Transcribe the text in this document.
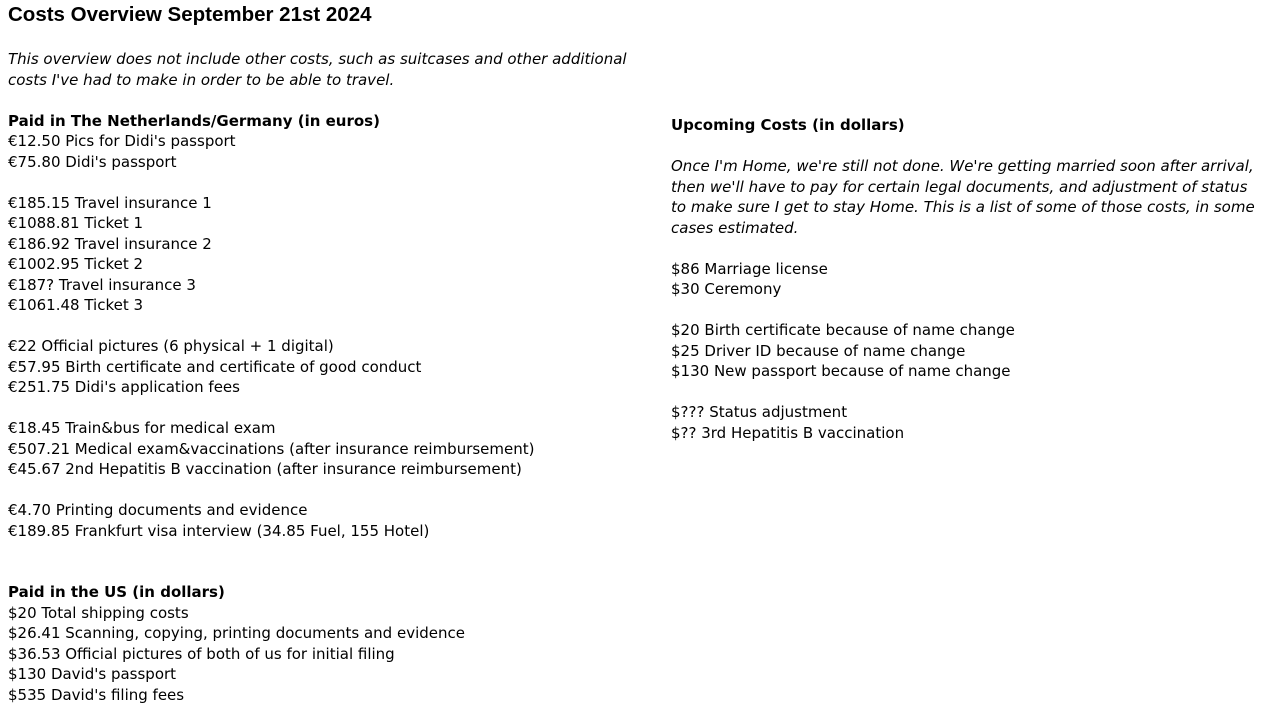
Costs Overview September 21st 2024

This overview does not include other costs, such as suitcases and other additional costs I've had to make in order to be able to travel.

Paid in The Netherlands/Germany (in euros)

€12.50 Pics for Didi's passport
€75.80 Didi's passport
€185.15 Travel insurance 1
€1088.81 Ticket 1
€186.92 Travel insurance 2
€1002.95 Ticket 2
€187? Travel insurance 3
€1061.48 Ticket 3
€22 Official pictures (6 physical + 1 digital)
€57.95 Birth certificate and certificate of good conduct
€251.75 Didi's application fees
€18.45 Train&bus for medical exam
€507.21 Medical exam&vaccinations (after insurance reimbursement)
€45.67 2nd Hepatitis B vaccination (after insurance reimbursement)
€4.70 Printing documents and evidence
€189.85 Frankfurt visa interview (34.85 Fuel, 155 Hotel)

Paid in the US (in dollars)

$20 Total shipping costs
$26.41 Scanning, copying, printing documents and evidence
$36.53 Official pictures of both of us for initial filing
$130 David's passport
$535 David's filing fees

Upcoming Costs (in dollars)

Once I'm Home, we're still not done. We're getting married soon after arrival, then we'll have to pay for certain legal documents, and adjustment of status to make sure I get to stay Home. This is a list of some of those costs, in some cases estimated.

$86 Marriage license
$30 Ceremony
$20 Birth certificate because of name change
$25 Driver ID because of name change
$130 New passport because of name change
$??? Status adjustment
$?? 3rd Hepatitis B vaccination
